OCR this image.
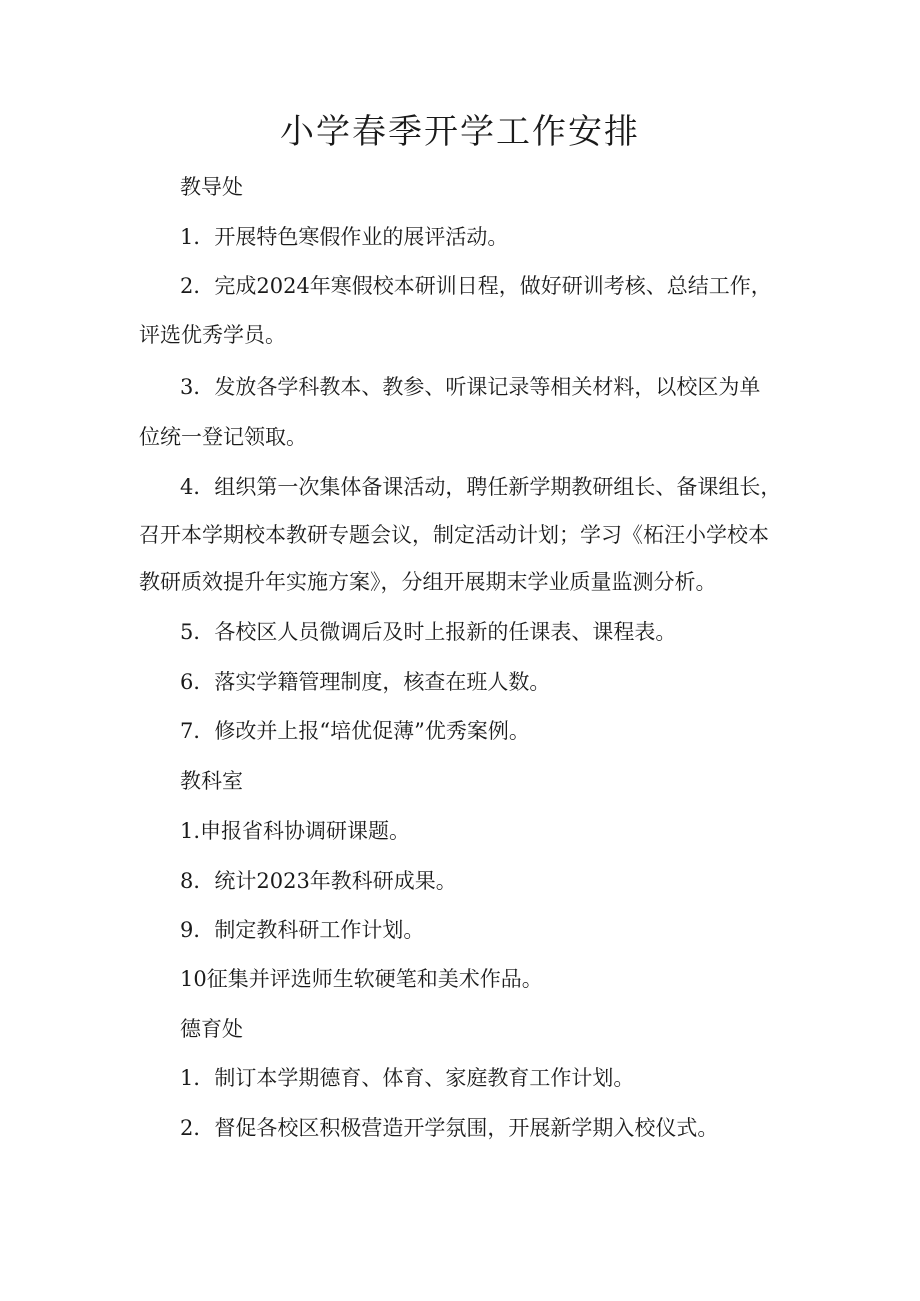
小学春季开学工作安排

教导处

1．开展特色寒假作业的展评活动。

2．完成2024年寒假校本研训日程，做好研训考核、总结工作，

评选优秀学员。

3．发放各学科教本、教参、听课记录等相关材料，以校区为单

位统一登记领取。

4．组织第一次集体备课活动，聘任新学期教研组长、备课组长，

召开本学期校本教研专题会议，制定活动计划；学习《柘汪小学校本

教研质效提升年实施方案》，分组开展期末学业质量监测分析。

5．各校区人员微调后及时上报新的任课表、课程表。

6．落实学籍管理制度，核查在班人数。

7．修改并上报“培优促薄”优秀案例。

教科室

1.申报省科协调研课题。

8．统计2023年教科研成果。

9．制定教科研工作计划。

10征集并评选师生软硬笔和美术作品。

德育处

1．制订本学期德育、体育、家庭教育工作计划。

2．督促各校区积极营造开学氛围，开展新学期入校仪式。
